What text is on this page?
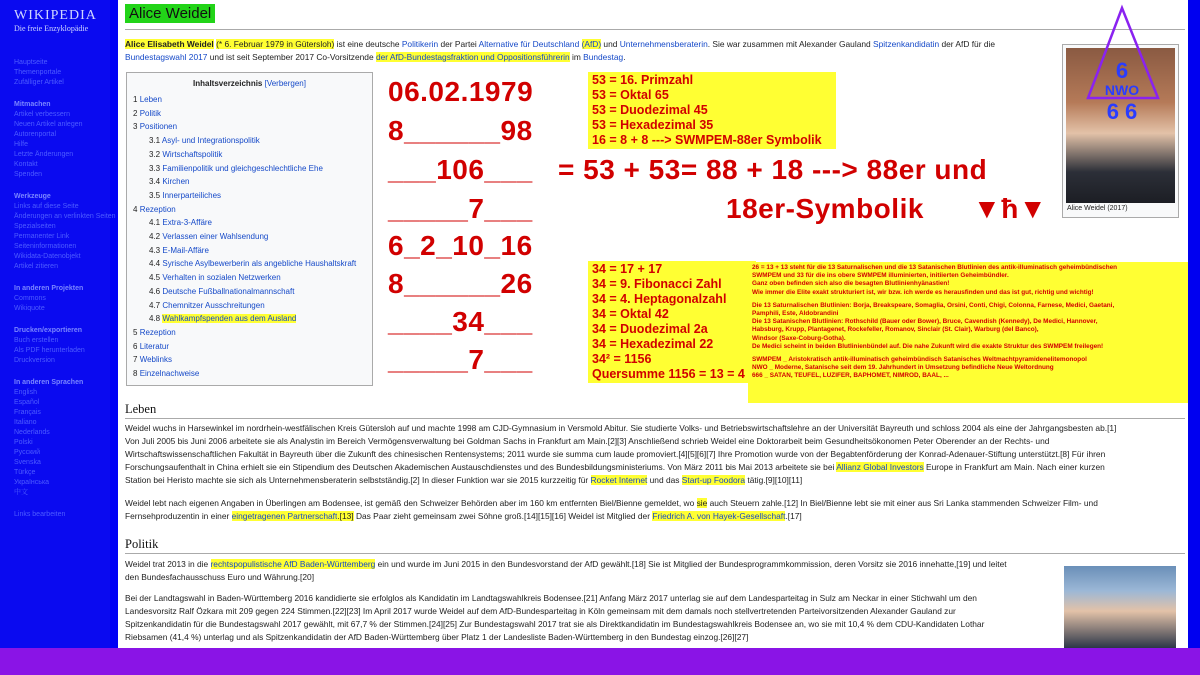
WIKIPEDIA
Die freie Enzyklopädie
Hauptseite
Themenportale
Zufälliger Artikel
Mitmachen
Artikel verbessern
Neuen Artikel anlegen
Autorenportal
Hilfe
Letzte Änderungen
Kontakt
Spenden
Werkzeuge
Links auf diese Seite
Änderungen an verlinkten Seiten
Spezialseiten
Permanenter Link
Seiteninformationen
Wikidata-Datenobjekt
Artikel zitieren
In anderen Projekten
Commons
Wikiquote
Drucken/exportieren
Buch erstellen
Als PDF herunterladen
Druckversion
In anderen Sprachen
English
Español
Français
Italiano
Nederlands
Polski
Русский
Svenska
Türkçe
Українська
中文
Links bearbeiten
Alice Weidel
Alice Elisabeth Weidel (* 6. Februar 1979 in Gütersloh) ist eine deutsche Politikerin der Partei Alternative für Deutschland (AfD) und Unternehmensberaterin. Sie war zusammen mit Alexander Gauland Spitzenkandidatin der AfD für die
Bundestagswahl 2017 und ist seit September 2017 Co-Vorsitzende der AfD-Bundestagsfraktion und Oppositionsführerin im Bundestag.
Inhaltsverzeichnis [Verbergen]
1 Leben
2 Politik
3 Positionen
3.1 Asyl- und Integrationspolitik
3.2 Wirtschaftspolitik
3.3 Familienpolitik und gleichgeschlechtliche Ehe
3.4 Kirchen
3.5 Innerparteiliches
4 Rezeption
4.1 Extra-3-Affäre
4.2 Verlassen einer Wahlsendung
4.3 E-Mail-Affäre
4.4 Syrische Asylbewerberin als angebliche Haushaltskraft
4.5 Verhalten in sozialen Netzwerken
4.6 Deutsche Fußballnationalmannschaft
4.7 Chemnitzer Ausschreitungen
4.8 Wahlkampfspenden aus dem Ausland
5 Rezeption
6 Literatur
7 Weblinks
8 Einzelnachweise
Alice Weidel (2017)
Leben
Weidel wuchs in Harsewinkel im nordrhein-westfälischen Kreis Gütersloh auf und machte 1998 am CJD-Gymnasium in Versmold Abitur. Sie studierte Volks- und Betriebswirtschaftslehre an der Universität Bayreuth und schloss 2004 als eine der Jahrgangsbesten ab.[1]
Von Juli 2005 bis Juni 2006 arbeitete sie als Analystin im Bereich Vermögensverwaltung bei Goldman Sachs in Frankfurt am Main.[2][3] Anschließend schrieb Weidel eine Doktorarbeit beim Gesundheitsökonomen Peter Oberender an der Rechts- und
Wirtschaftswissenschaftlichen Fakultät in Bayreuth über die Zukunft des chinesischen Rentensystems; 2011 wurde sie summa cum laude promoviert.[4][5][6][7] Ihre Promotion wurde von der Begabtenförderung der Konrad-Adenauer-Stiftung unterstützt.[8] Für ihren
Forschungsaufenthalt in China erhielt sie ein Stipendium des Deutschen Akademischen Austauschdienstes und des Bundesbildungsministeriums. Von März 2011 bis Mai 2013 arbeitete sie bei Allianz Global Investors Europe in Frankfurt am Main. Nach einer kurzen
Station bei Heristo machte sie sich als Unternehmensberaterin selbstständig.[2] In dieser Funktion war sie 2015 kurzzeitig für Rocket Internet und das Start-up Foodora tätig.[9][10][11]
Weidel lebt nach eigenen Angaben in Überlingen am Bodensee, ist gemäß den Schweizer Behörden aber im 160 km entfernten Biel/Bienne gemeldet, wo sie auch Steuern zahle.[12] In Biel/Bienne lebt sie mit einer aus Sri Lanka stammenden Schweizer Film- und
Fernsehproduzentin in einer eingetragenen Partnerschaft.[13] Das Paar zieht gemeinsam zwei Söhne groß.[14][15][16] Weidel ist Mitglied der Friedrich A. von Hayek-Gesellschaft.[17]
Politik
Weidel trat 2013 in die rechtspopulistische AfD Baden-Württemberg ein und wurde im Juni 2015 in den Bundesvorstand der AfD gewählt.[18] Sie ist Mitglied der Bundesprogrammkommission, deren Vorsitz sie 2016 innehatte,[19] und leitet
den Bundesfachausschuss Euro und Währung.[20]
Bei der Landtagswahl in Baden-Württemberg 2016 kandidierte sie erfolglos als Kandidatin im Landtagswahlkreis Bodensee.[21] Anfang März 2017 unterlag sie auf dem Landesparteitag in Sulz am Neckar in einer Stichwahl um den
Landesvorsitz Ralf Özkara mit 209 gegen 224 Stimmen.[22][23] Im April 2017 wurde Weidel auf dem AfD-Bundesparteitag in Köln gemeinsam mit dem damals noch stellvertretenden Parteivorsitzenden Alexander Gauland zur
Spitzenkandidatin für die Bundestagswahl 2017 gewählt, mit 67,7 % der Stimmen.[24][25] Zur Bundestagswahl 2017 trat sie als Direktkandidatin im Bundestagswahlkreis Bodensee an, wo sie mit 10,4 % dem CDU-Kandidaten Lothar
Riebsamen (41,4 %) unterlag und als Spitzenkandidatin der AfD Baden-Württemberg über Platz 1 der Landesliste Baden-Württemberg in den Bundestag einzog.[26][27]
06.02.1979
8______98
___106___
_____7___
6_2_10_16
8______26
____34___
_____7___
= 53 + 53= 88 + 18 ---> 88er und
18er-Symbolik ▼ħ▼
53 = 16. Primzahl
53 = Oktal 65
53 = Duodezimal 45
53 = Hexadezimal 35
16 = 8 + 8 ---> SWMPEM-88er Symbolik
34 = 17 + 17
34 = 9. Fibonacci Zahl
34 = 4. Heptagonalzahl
34 = Oktal 42
34 = Duodezimal 2a
34 = Hexadezimal 22
34² = 1156
Quersumme 1156 = 13 = 4
26 = 13 + 13 steht für die 13 Saturnalischen und die 13 Satanischen Blutlinien des antik-illuminatisch geheimbündischen
SWMPEM und 33 für die ins obere SWMPEM illuminierten, initiierten Geheimbündler.
Ganz oben befinden sich also die besagten Blutlinienhyänastien!
Wie immer die Elite exakt strukturiert ist, wir bzw. ich werde es herausfinden und das ist gut, richtig und wichtig!
Die 13 Saturnalischen Blutlinien: Borja, Breakspeare, Somaglia, Orsini, Conti, Chigi, Colonna, Farnese, Medici, Gaetani,
Pamphili, Este, Aldobrandini
Die 13 Satanischen Blutlinien: Rothschild (Bauer oder Bower), Bruce, Cavendish (Kennedy), De Medici, Hannover,
Habsburg, Krupp, Plantagenet, Rockefeller, Romanov, Sinclair (St. Clair), Warburg (del Banco),
Windsor (Saxe-Coburg-Gotha).
De Medici scheint in beiden Blutlinienbündel auf. Die nahe Zukunft wird die exakte Struktur des SWMPEM freilegen!
SWMPEM _ Aristokratisch antik-illuminatisch geheimbündisch Satanisches Weltmachtpyramidenelitemonopol
NWO _ Moderne, Satanische seit dem 19. Jahrhundert in Umsetzung befindliche Neue Weltordnung
666 _ SATAN, TEUFEL, LUZIFER, BAPHOMET, NIMROD, BAAL, ...
6
NWO
6 6
